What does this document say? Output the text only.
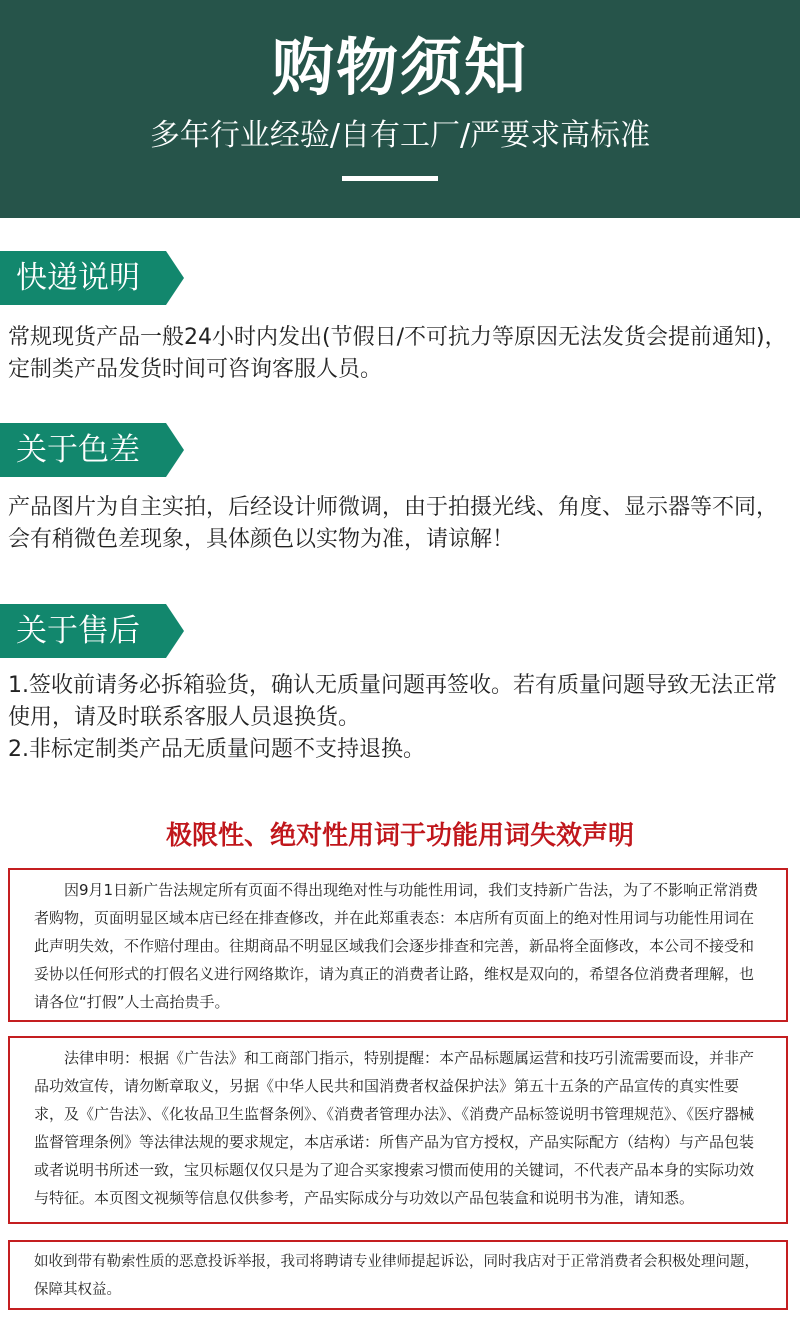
购物须知
多年行业经验/自有工厂/严要求高标准
快递说明
常规现货产品一般24小时内发出(节假日/不可抗力等原因无法发货会提前通知)，定制类产品发货时间可咨询客服人员。
关于色差
产品图片为自主实拍，后经设计师微调，由于拍摄光线、角度、显示器等不同，会有稍微色差现象，具体颜色以实物为准，请谅解！
关于售后
1.签收前请务必拆箱验货，确认无质量问题再签收。若有质量问题导致无法正常使用，请及时联系客服人员退换货。
2.非标定制类产品无质量问题不支持退换。
极限性、绝对性用词于功能用词失效声明

因9月1日新广告法规定所有页面不得出现绝对性与功能性用词，我们支持新广告法，为了不影响正常消费者购物，页面明显区域本店已经在排查修改，并在此郑重表态：本店所有页面上的绝对性用词与功能性用词在此声明失效，不作赔付理由。往期商品不明显区域我们会逐步排查和完善，新品将全面修改，本公司不接受和妥协以任何形式的打假名义进行网络欺诈，请为真正的消费者让路，维权是双向的，希望各位消费者理解，也请各位“打假”人士高抬贵手。

法律申明：根据《广告法》和工商部门指示，特别提醒：本产品标题属运营和技巧引流需要而设，并非产品功效宣传，请勿断章取义，另据《中华人民共和国消费者权益保护法》第五十五条的产品宣传的真实性要求，及《广告法》、《化妆品卫生监督条例》、《消费者管理办法》、《消费产品标签说明书管理规范》、《医疗器械监督管理条例》等法律法规的要求规定，本店承诺：所售产品为官方授权，产品实际配方（结构）与产品包装或者说明书所述一致，宝贝标题仅仅只是为了迎合买家搜索习惯而使用的关键词，不代表产品本身的实际功效与特征。本页图文视频等信息仅供参考，产品实际成分与功效以产品包装盒和说明书为准，请知悉。

如收到带有勒索性质的恶意投诉举报，我司将聘请专业律师提起诉讼，同时我店对于正常消费者会积极处理问题，保障其权益。
